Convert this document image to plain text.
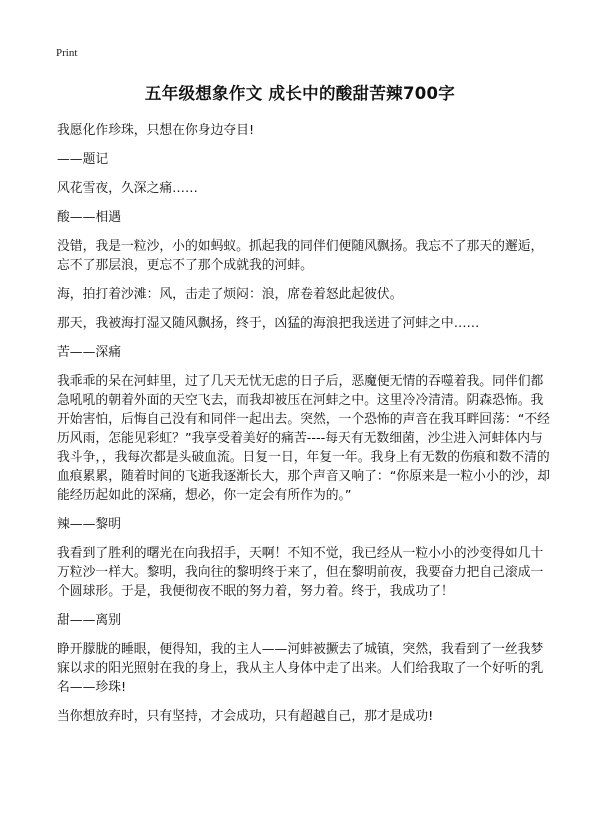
Print
五年级想象作文 成长中的酸甜苦辣700字

我愿化作珍珠，只想在你身边夺目!

——题记

风花雪夜，久深之痛……

酸——相遇

没错，我是一粒沙，小的如蚂蚁。抓起我的同伴们便随风飘扬。我忘不了那天的邂逅，忘不了那层浪，更忘不了那个成就我的河蚌。

海，拍打着沙滩：风，击走了烦闷：浪，席卷着怒此起彼伏。

那天，我被海打湿又随风飘扬，终于，凶猛的海浪把我送进了河蚌之中……

苦——深痛

我乖乖的呆在河蚌里，过了几天无忧无虑的日子后，恶魔便无情的吞噬着我。同伴们都急吼吼的朝着外面的天空飞去，而我却被压在河蚌之中。这里冷冷清清。阴森恐怖。我开始害怕，后悔自己没有和同伴一起出去。突然，一个恐怖的声音在我耳畔回荡：“不经历风雨，怎能见彩虹？”我享受着美好的痛苦----每天有无数细菌，沙尘进入河蚌体内与我斗争，，我每次都是头破血流。日复一日，年复一年。我身上有无数的伤痕和数不清的血痕累累，随着时间的飞逝我逐渐长大，那个声音又响了：“你原来是一粒小小的沙，却能经历起如此的深痛，想必，你一定会有所作为的。”

辣——黎明

我看到了胜利的曙光在向我招手，天啊！不知不觉，我已经从一粒小小的沙变得如几十万粒沙一样大。黎明，我向往的黎明终于来了，但在黎明前夜，我要奋力把自己滚成一个圆球形。于是，我便彻夜不眠的努力着，努力着。终于，我成功了！

甜——离别

睁开朦胧的睡眼，便得知，我的主人——河蚌被撅去了城镇，突然，我看到了一丝我梦寐以求的阳光照射在我的身上，我从主人身体中走了出来。人们给我取了一个好听的乳名——珍珠!

当你想放弃时，只有坚持，才会成功，只有超越自己，那才是成功!
